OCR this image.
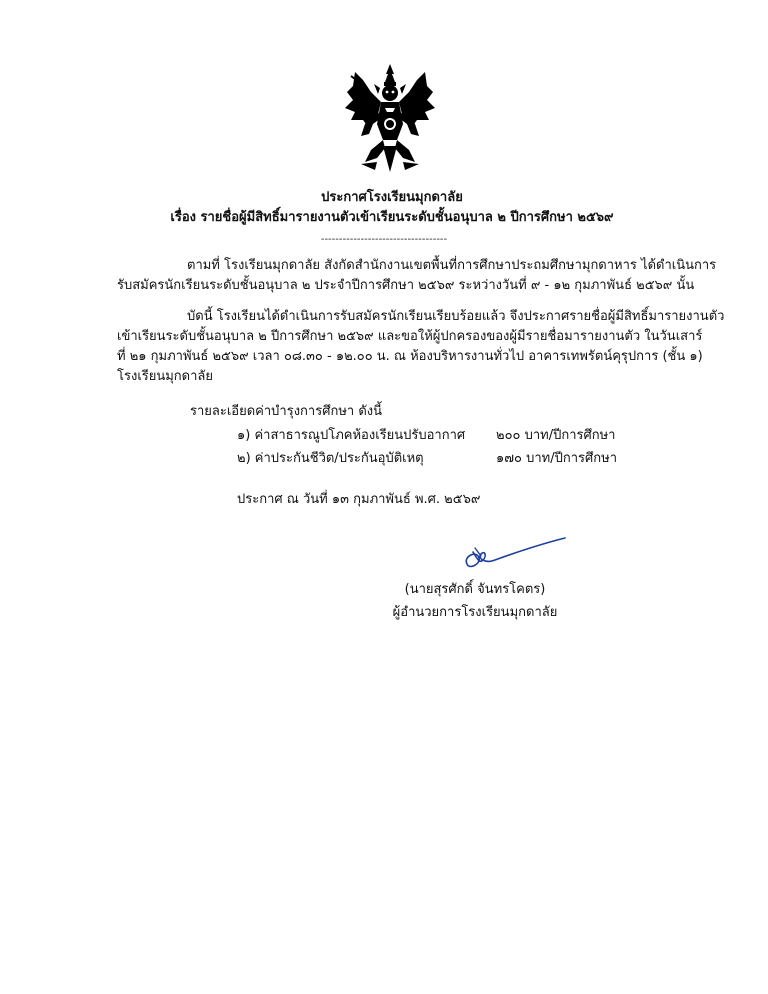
ประกาศโรงเรียนมุกดาลัย
เรื่อง รายชื่อผู้มีสิทธิ์มารายงานตัวเข้าเรียนระดับชั้นอนุบาล ๒ ปีการศึกษา ๒๕๖๙
-----------------------------------
ตามที่ โรงเรียนมุกดาลัย สังกัดสำนักงานเขตพื้นที่การศึกษาประถมศึกษามุกดาหาร ได้ดำเนินการ
รับสมัครนักเรียนระดับชั้นอนุบาล ๒ ประจำปีการศึกษา ๒๕๖๙ ระหว่างวันที่ ๙ - ๑๒ กุมภาพันธ์ ๒๕๖๙ นั้น
บัดนี้ โรงเรียนได้ดำเนินการรับสมัครนักเรียนเรียบร้อยแล้ว จึงประกาศรายชื่อผู้มีสิทธิ์มารายงานตัว
เข้าเรียนระดับชั้นอนุบาล ๒ ปีการศึกษา ๒๕๖๙ และขอให้ผู้ปกครองของผู้มีรายชื่อมารายงานตัว ในวันเสาร์
ที่ ๒๑ กุมภาพันธ์ ๒๕๖๙ เวลา ๐๘.๓๐ - ๑๒.๐๐ น. ณ ห้องบริหารงานทั่วไป อาคารเทพรัตน์คุรุปการ (ชั้น ๑)
โรงเรียนมุกดาลัย
รายละเอียดค่าบำรุงการศึกษา ดังนี้
๑) ค่าสาธารณูปโภคห้องเรียนปรับอากาศ ๒๐๐ บาท/ปีการศึกษา
๒) ค่าประกันชีวิต/ประกันอุบัติเหตุ	๑๗๐ บาท/ปีการศึกษา
ประกาศ ณ วันที่ ๑๓ กุมภาพันธ์ พ.ศ. ๒๕๖๙
(นายสุรศักดิ์ จันทรโคตร)
ผู้อำนวยการโรงเรียนมุกดาลัย
